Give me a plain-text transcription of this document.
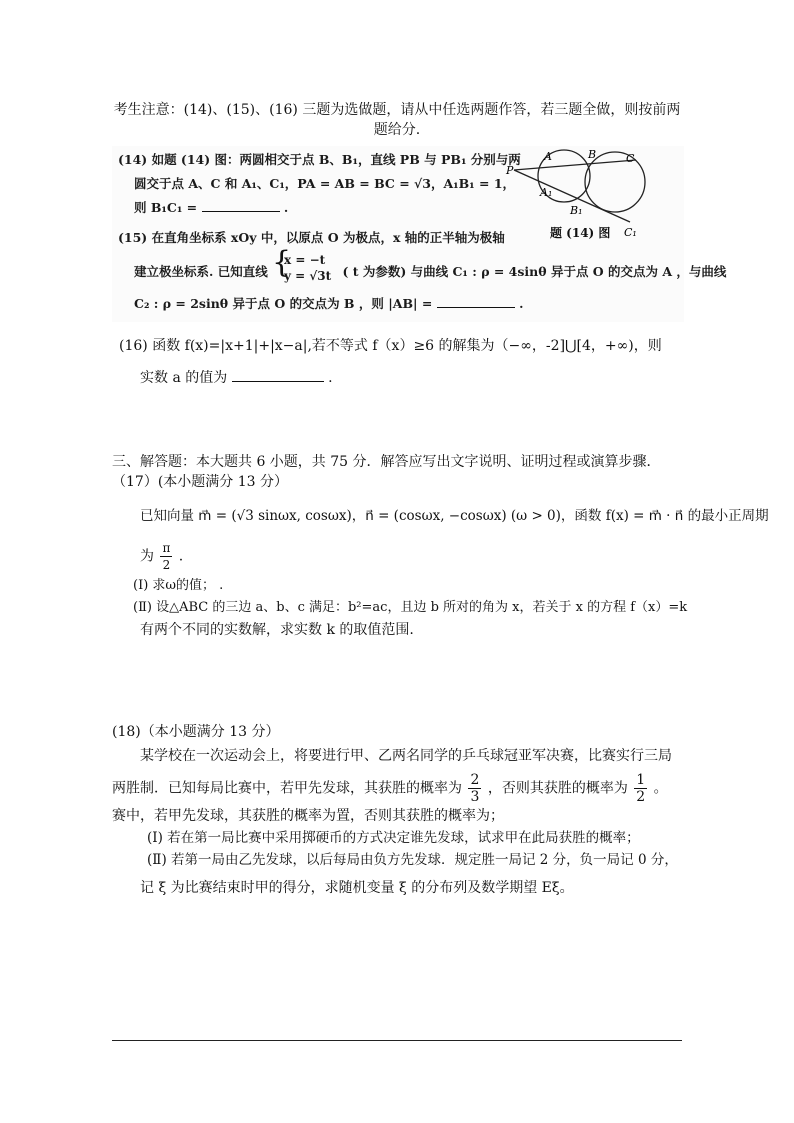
考生注意：(14)、(15)、(16) 三题为选做题，请从中任选两题作答，若三题全做，则按前两
题给分.
(14) 如题 (14) 图：两圆相交于点 B、B₁，直线 PB 与 PB₁ 分别与两
圆交于点 A、C 和 A₁、C₁，PA = AB = BC = √3，A₁B₁ = 1，
则 B₁C₁ =	.
(15) 在直角坐标系 xOy 中，以原点 O 为极点，x 轴的正半轴为极轴
建立极坐标系. 已知直线	( t 为参数) 与曲线 C₁ : ρ = 4sinθ 异于点 O 的交点为 A ，与曲线
{
x = −t
y = √3t
C₂ : ρ = 2sinθ 异于点 O 的交点为 B ，则 |AB| =	.
P
A	B	C
A₁
B₁
C₁
题 (14) 图
(16) 函数 f(x)=|x+1|+|x−a|,若不等式 f（x）≥6 的解集为（−∞，-2]⋃[4，+∞)，则
实数 a 的值为	.
三、解答题：本大题共 6 小题，共 75 分．解答应写出文字说明、证明过程或演算步骤．
（17）(本小题满分 13 分）
已知向量 m⃗ = (√3 sinωx, cosωx)，n⃗ = (cosωx, −cosωx) (ω > 0)，函数 f(x) = m⃗ · n⃗ 的最小正周期
为 $\frac{\pi}{2}$ .
(Ⅰ) 求ω的值； .
(Ⅱ) 设△ABC 的三边 a、b、c 满足：b²=ac，且边 b 所对的角为 x，若关于 x 的方程 f（x）=k
有两个不同的实数解，求实数 k 的取值范围.
(18)（本小题满分 13 分）
某学校在一次运动会上，将要进行甲、乙两名同学的乒乓球冠亚军决赛，比赛实行三局
两胜制．已知每局比赛中，若甲先发球，其获胜的概率为 $\frac{2}{3}$ ，否则其获胜的概率为 $\frac{1}{2}$ 。
赛中，若甲先发球，其获胜的概率为置，否则其获胜的概率为；
(Ⅰ) 若在第一局比赛中采用掷硬币的方式决定谁先发球，试求甲在此局获胜的概率；
(Ⅱ) 若第一局由乙先发球，以后每局由负方先发球．规定胜一局记 2 分，负一局记 0 分，
记 ξ 为比赛结束时甲的得分，求随机变量 ξ 的分布列及数学期望 Eξ。
